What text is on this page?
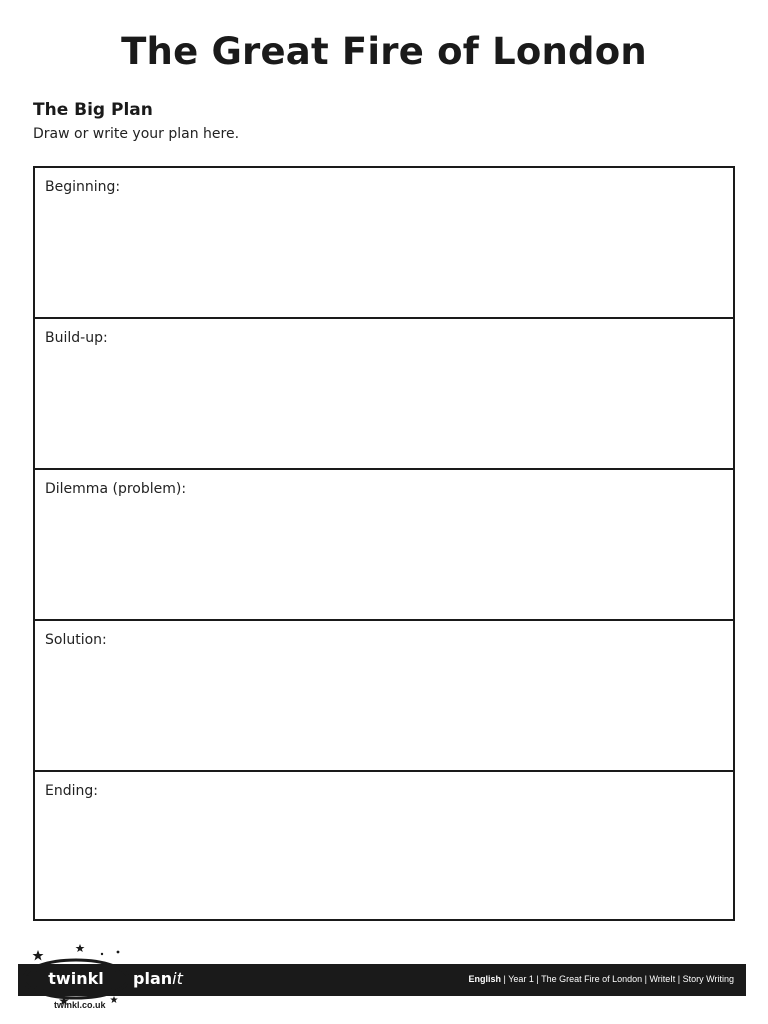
The Great Fire of London
The Big Plan
Draw or write your plan here.
Beginning:
Build-up:
Dilemma (problem):
Solution:
Ending:
English | Year 1 | The Great Fire of London | WriteIt | Story Writing
twinkl planit
twinkl.co.uk
